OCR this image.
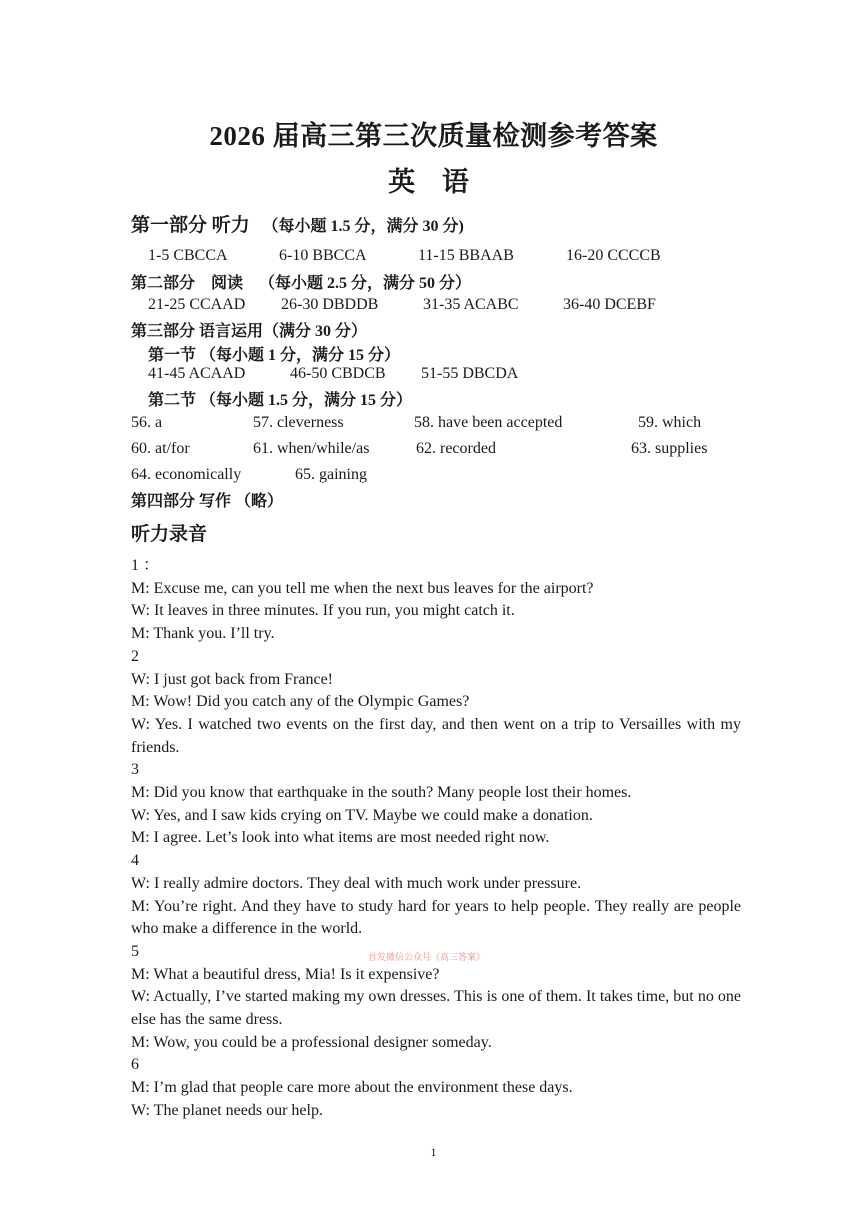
2026 届高三第三次质量检测参考答案
英 语
第一部分 听力 （每小题 1.5 分，满分 30 分)
1-5 CBCCA	6-10 BBCCA	11-15 BBAAB	16-20 CCCCB
第二部分　阅读 （每小题 2.5 分，满分 50 分）
21-25 CCAAD 26-30 DBDDB	31-35 ACABC	36-40 DCEBF
第三部分 语言运用（满分 30 分）
第一节 （每小题 1 分，满分 15 分）
41-45 ACAAD	46-50 CBDCB 51-55 DBCDA
第二节 （每小题 1.5 分，满分 15 分）
56. a	57. cleverness	58. have been accepted	59. which
60. at/for	61. when/while/as	62. recorded	63. supplies
64. economically	65. gaining
第四部分 写作 （略）
听力录音
1 ：
M: Excuse me, can you tell me when the next bus leaves for the airport?
W: It leaves in three minutes. If you run, you might catch it.
M: Thank you. I’ll try.
2
W: I just got back from France!
M: Wow! Did you catch any of the Olympic Games?
W: Yes. I watched two events on the first day, and then went on a trip to Versailles with my friends.
3
M: Did you know that earthquake in the south? Many people lost their homes.
W: Yes, and I saw kids crying on TV. Maybe we could make a donation.
M: I agree. Let’s look into what items are most needed right now.
4
W: I really admire doctors. They deal with much work under pressure.
M: You’re right. And they have to study hard for years to help people. They really are people who make a difference in the world.
5
M: What a beautiful dress, Mia! Is it expensive?
W: Actually, I’ve started making my own dresses. This is one of them. It takes time, but no one else has the same dress.
M: Wow, you could be a professional designer someday.
6
M: I’m glad that people care more about the environment these days.
W: The planet needs our help.
首发微信公众号《高三答案》
1
